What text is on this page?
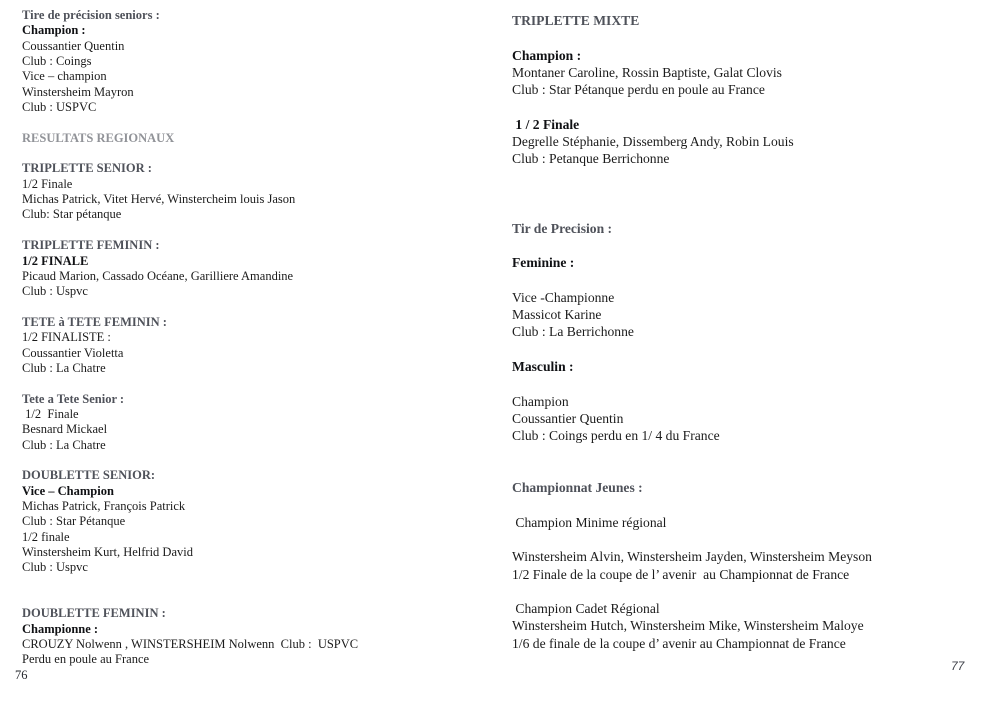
Tire de précision seniors :
Champion :
Coussantier Quentin
Club : Coings
Vice – champion
Winstersheim Mayron
Club : USPVC

RESULTATS REGIONAUX

TRIPLETTE SENIOR :
1/2 Finale
Michas Patrick, Vitet Hervé, Winstercheim louis Jason
Club: Star pétanque

TRIPLETTE FEMININ :
1/2 FINALE
Picaud Marion, Cassado Océane, Garilliere Amandine
Club : Uspvc

TETE à TETE FEMININ :
1/2 FINALISTE :
Coussantier Violetta
Club : La Chatre

Tete a Tete Senior :
1/2  Finale
Besnard Mickael
Club : La Chatre

DOUBLETTE SENIOR:
Vice – Champion
Michas Patrick, François Patrick
Club : Star Pétanque
1/2 finale
Winstersheim Kurt, Helfrid David
Club : Uspvc

DOUBLETTE FEMININ :
Championne :
CROUZY Nolwenn , WINSTERSHEIM Nolwenn  Club :  USPVC
Perdu en poule au France
TRIPLETTE MIXTE

Champion :
Montaner Caroline, Rossin Baptiste, Galat Clovis
Club : Star Pétanque perdu en poule au France

1 / 2 Finale
Degrelle Stéphanie, Dissemberg Andy, Robin Louis
Club : Petanque Berrichonne

Tir de Precision :

Feminine :

Vice -Championne
Massicot Karine
Club : La Berrichonne

Masculin :

Champion
Coussantier Quentin
Club : Coings perdu en 1/ 4 du France

Championnat Jeunes :

Champion Minime régional

Winstersheim Alvin, Winstersheim Jayden, Winstersheim Meyson
1/2 Finale de la coupe de l’ avenir  au Championnat de France

Champion Cadet Régional
Winstersheim Hutch, Winstersheim Mike, Winstersheim Maloye
1/6 de finale de la coupe d’ avenir au Championnat de France
76
77
